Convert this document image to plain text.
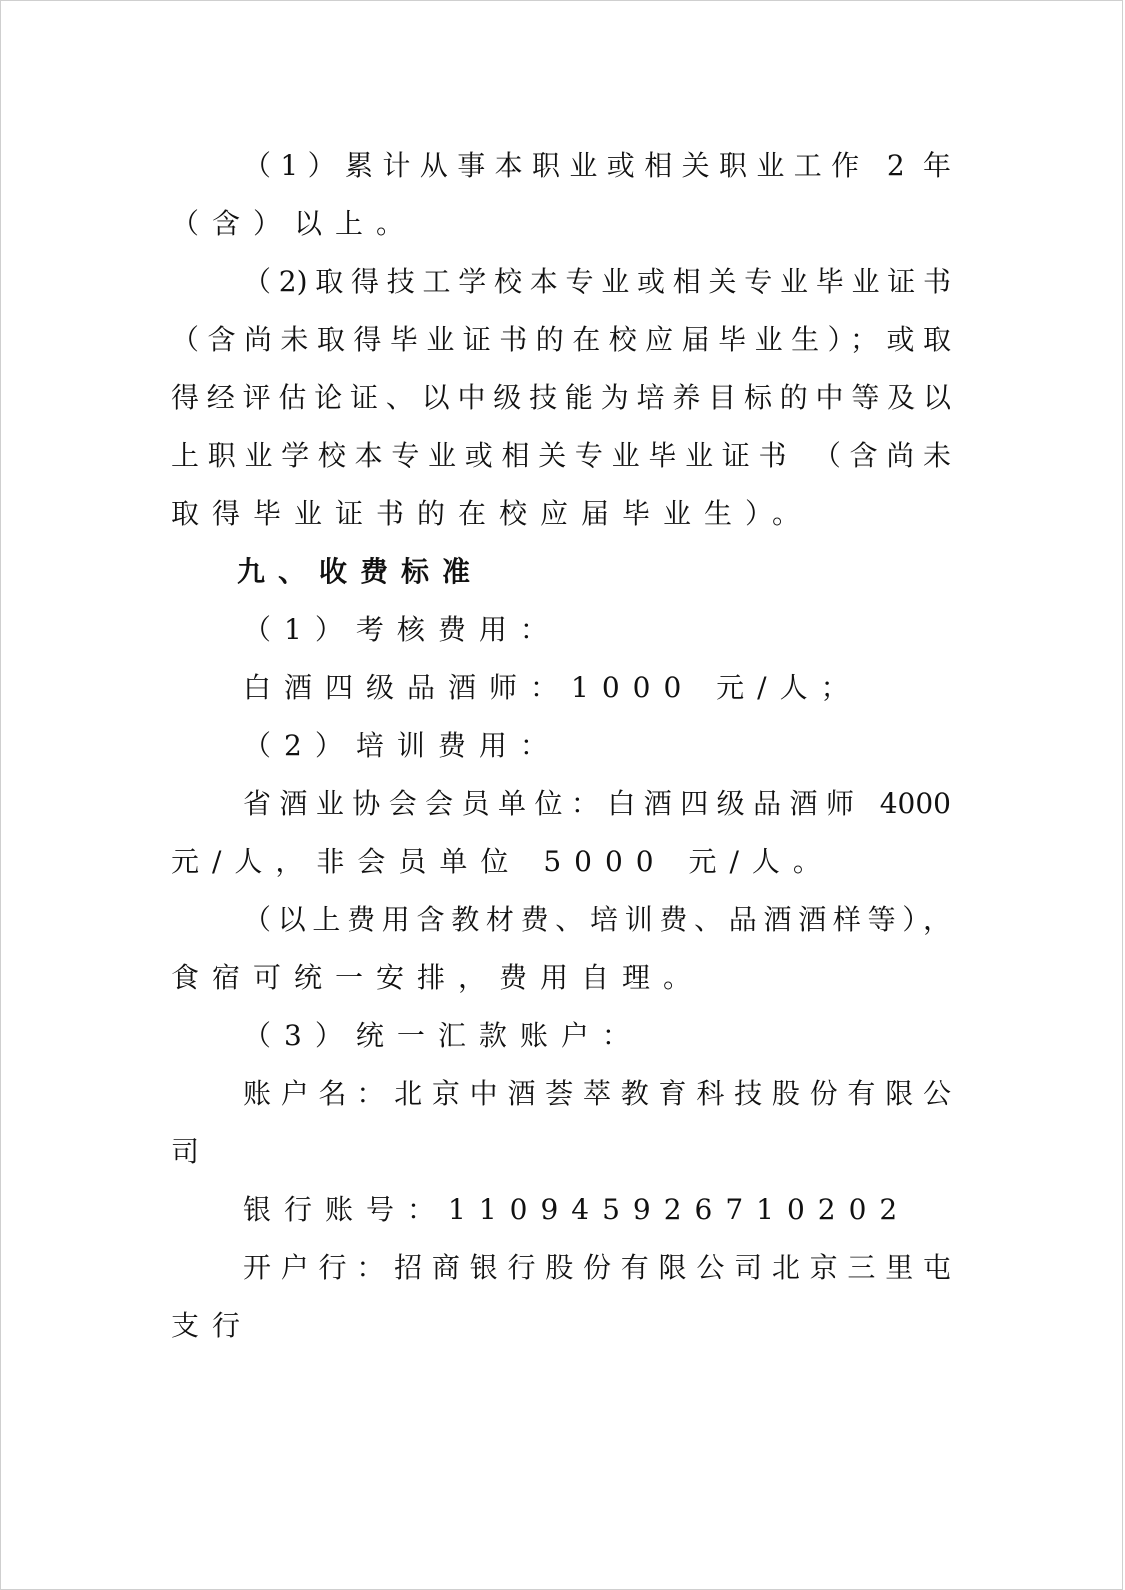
（1）累计从事本职业或相关职业工作 2 年
（含）以上。
（2)取得技工学校本专业或相关专业毕业证书
（含尚未取得毕业证书的在校应届毕业生）；或取
得经评估论证、以中级技能为培养目标的中等及以
上职业学校本专业或相关专业毕业证书 （含尚未
取得毕业证书的在校应届毕业生）。
九、收费标准
（1）考核费用：
白酒四级品酒师：1000 元/人；
（2）培训费用：
省酒业协会会员单位：白酒四级品酒师 4000
元/人，非会员单位 5000 元/人。
（以上费用含教材费、培训费、品酒酒样等），
食宿可统一安排，费用自理。
（3）统一汇款账户：
账户名：北京中酒荟萃教育科技股份有限公
司
银行账号：110945926710202
开户行：招商银行股份有限公司北京三里屯
支行
